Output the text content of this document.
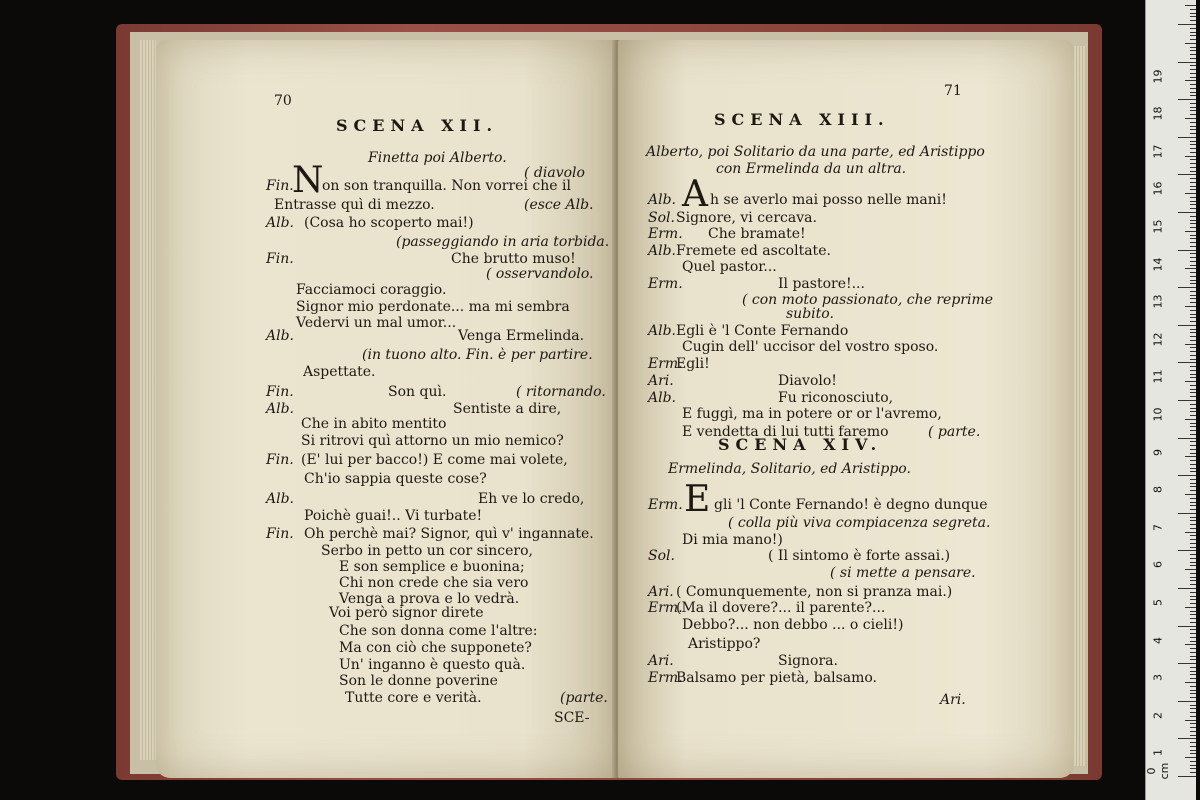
70
SCENA XII.
Finetta poi Alberto.
( diavolo
Fin.
N
on son tranquilla. Non vorrei che il
Entrasse quì di mezzo.	(esce Alb.
Alb. (Cosa ho scoperto mai!)
(passeggiando in aria torbida.
Fin.	Che brutto muso!
( osservandolo.
Facciamoci coraggio.
Signor mio perdonate... ma mi sembra
Vedervi un mal umor...
Alb.	Venga Ermelinda.
(in tuono alto. Fin. è per partire.
Aspettate.
Fin.	Son quì.	( ritornando.
Alb.	Sentiste a dire,
Che in abito mentito
Si ritrovi quì attorno un mio nemico?
Fin. (E' lui per bacco!) E come mai volete,
Ch'io sappia queste cose?
Alb.	Eh ve lo credo,
Poichè guai!.. Vi turbate!
Fin. Oh perchè mai? Signor, quì v' ingannate.
Serbo in petto un cor sincero,
E son semplice e buonina;
Chi non crede che sia vero
Venga a prova e lo vedrà.
Voi però signor direte
Che son donna come l'altre:
Ma con ciò che supponete?
Un' inganno è questo quà.
Son le donne poverine
Tutte core e verità.	(parte.
SCE-
71
SCENA XIII.
Alberto, poi Solitario da una parte, ed Aristippo
con Ermelinda da un altra.
Alb. A h se averlo mai posso nelle mani!
Sol. Signore, vi cercava.
Erm. Che bramate!
Alb. Fremete ed ascoltate.
Quel pastor...
Erm.	Il pastore!...
( con moto passionato, che reprime
subito.
Alb. Egli è 'l Conte Fernando
Cugin dell' uccisor del vostro sposo.
Erm.
Egli!
Ari.	Diavolo!
Alb.	Fu riconosciuto,
E fuggì, ma in potere or or l'avremo,
E vendetta di lui tutti faremo	( parte.
SCENA XIV.
Ermelinda, Solitario, ed Aristippo.
Erm. E gli 'l Conte Fernando! è degno dunque
( colla più viva compiacenza segreta.
Di mia mano!)
Sol.	( Il sintomo è forte assai.)
( si mette a pensare.
Ari. ( Comunquemente, non si pranza mai.)
Erm.
(Ma il dovere?... il parente?...
Debbo?... non debbo ... o cieli!)
Aristippo?
Ari.	Signora.
Erm.
Balsamo per pietà, balsamo.
Ari.
19
18
17
16
15
14
13
12
11
10
9
8
7
6
5
4
3
2
1
0 cm
